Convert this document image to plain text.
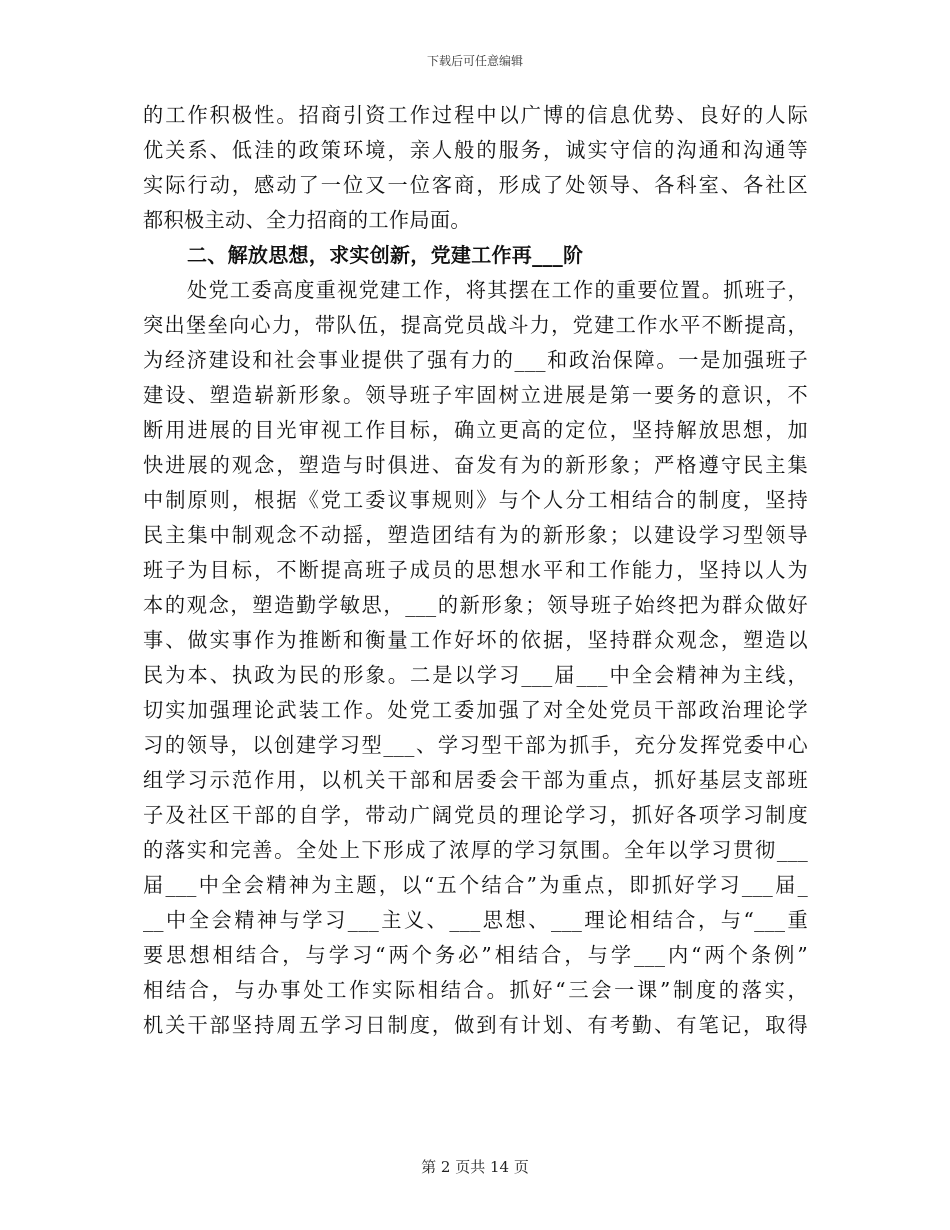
下载后可任意编辑
的工作积极性。招商引资工作过程中以广博的信息优势、良好的人际
优关系、低洼的政策环境，亲人般的服务，诚实守信的沟通和沟通等
实际行动，感动了一位又一位客商，形成了处领导、各科室、各社区
都积极主动、全力招商的工作局面。
二、解放思想，求实创新，党建工作再___阶
处党工委高度重视党建工作，将其摆在工作的重要位置。抓班子，
突出堡垒向心力，带队伍，提高党员战斗力，党建工作水平不断提高，
为经济建设和社会事业提供了强有力的___和政治保障。一是加强班子
建设、塑造崭新形象。领导班子牢固树立进展是第一要务的意识，不
断用进展的目光审视工作目标，确立更高的定位，坚持解放思想，加
快进展的观念，塑造与时俱进、奋发有为的新形象；严格遵守民主集
中制原则，根据《党工委议事规则》与个人分工相结合的制度，坚持
民主集中制观念不动摇，塑造团结有为的新形象；以建设学习型领导
班子为目标，不断提高班子成员的思想水平和工作能力，坚持以人为
本的观念，塑造勤学敏思，___的新形象；领导班子始终把为群众做好
事、做实事作为推断和衡量工作好坏的依据，坚持群众观念，塑造以
民为本、执政为民的形象。二是以学习___届___中全会精神为主线，
切实加强理论武装工作。处党工委加强了对全处党员干部政治理论学
习的领导，以创建学习型___、学习型干部为抓手，充分发挥党委中心
组学习示范作用，以机关干部和居委会干部为重点，抓好基层支部班
子及社区干部的自学，带动广阔党员的理论学习，抓好各项学习制度
的落实和完善。全处上下形成了浓厚的学习氛围。全年以学习贯彻___
届___中全会精神为主题，以“五个结合”为重点，即抓好学习___届_
__中全会精神与学习___主义、___思想、___理论相结合，与“___重
要思想相结合，与学习“两个务必”相结合，与学___内“两个条例”
相结合，与办事处工作实际相结合。抓好“三会一课”制度的落实，
机关干部坚持周五学习日制度，做到有计划、有考勤、有笔记，取得
第 2 页共 14 页
